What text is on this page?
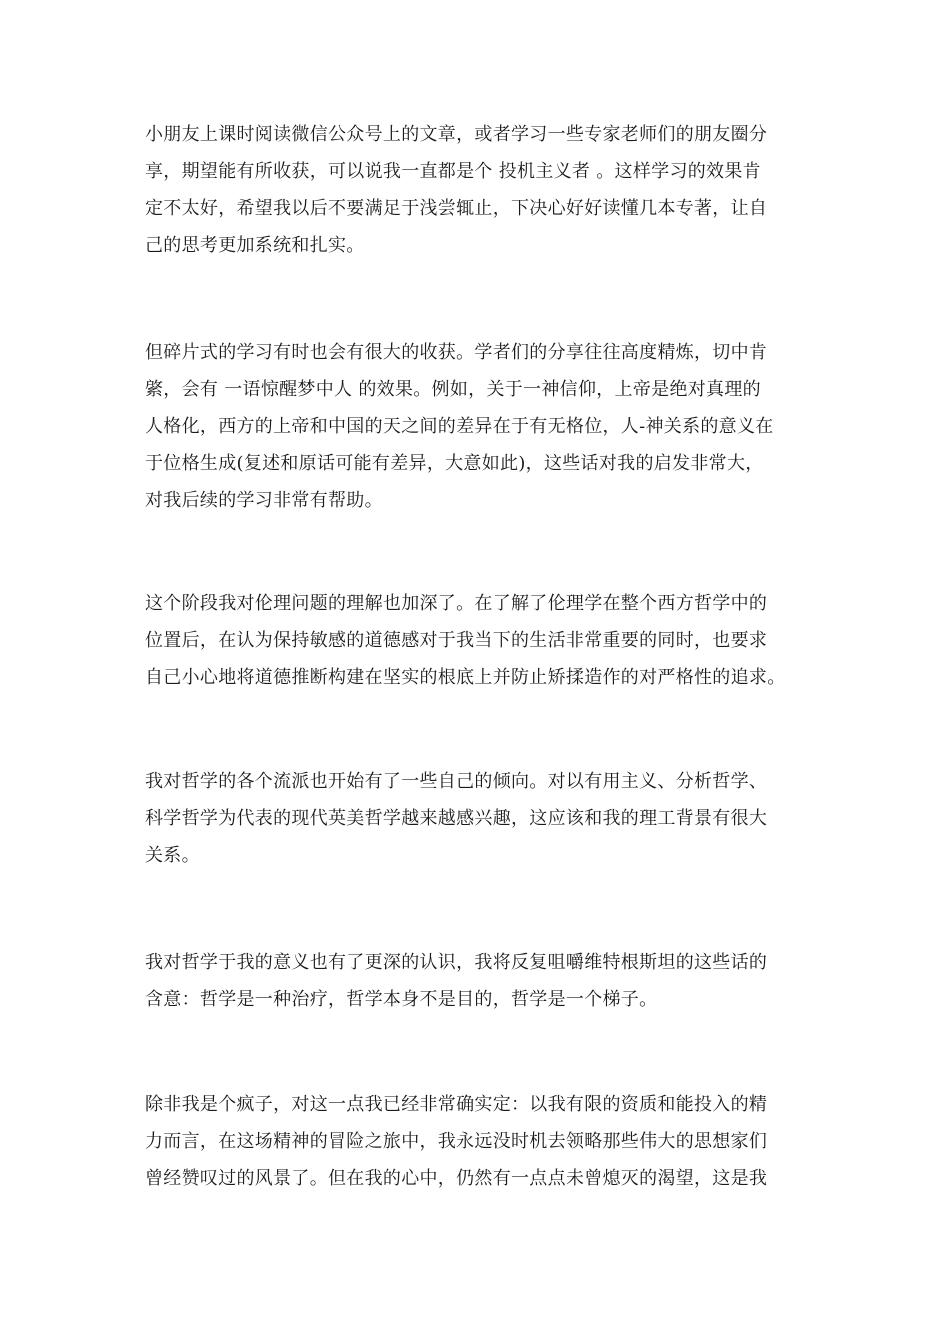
小朋友上课时阅读微信公众号上的文章，或者学习一些专家老师们的朋友圈分
享，期望能有所收获，可以说我一直都是个 投机主义者 。这样学习的效果肯
定不太好，希望我以后不要满足于浅尝辄止，下决心好好读懂几本专著，让自
己的思考更加系统和扎实。
但碎片式的学习有时也会有很大的收获。学者们的分享往往高度精炼，切中肯
綮，会有 一语惊醒梦中人 的效果。例如，关于一神信仰，上帝是绝对真理的
人格化，西方的上帝和中国的天之间的差异在于有无格位，人-神关系的意义在
于位格生成(复述和原话可能有差异，大意如此)，这些话对我的启发非常大，
对我后续的学习非常有帮助。
这个阶段我对伦理问题的理解也加深了。在了解了伦理学在整个西方哲学中的
位置后，在认为保持敏感的道德感对于我当下的生活非常重要的同时，也要求
自己小心地将道德推断构建在坚实的根底上并防止矫揉造作的对严格性的追求。
我对哲学的各个流派也开始有了一些自己的倾向。对以有用主义、分析哲学、
科学哲学为代表的现代英美哲学越来越感兴趣，这应该和我的理工背景有很大
关系。
我对哲学于我的意义也有了更深的认识，我将反复咀嚼维特根斯坦的这些话的
含意：哲学是一种治疗，哲学本身不是目的，哲学是一个梯子。
除非我是个疯子，对这一点我已经非常确实定：以我有限的资质和能投入的精
力而言，在这场精神的冒险之旅中，我永远没时机去领略那些伟大的思想家们
曾经赞叹过的风景了。但在我的心中，仍然有一点点未曾熄灭的渴望，这是我
